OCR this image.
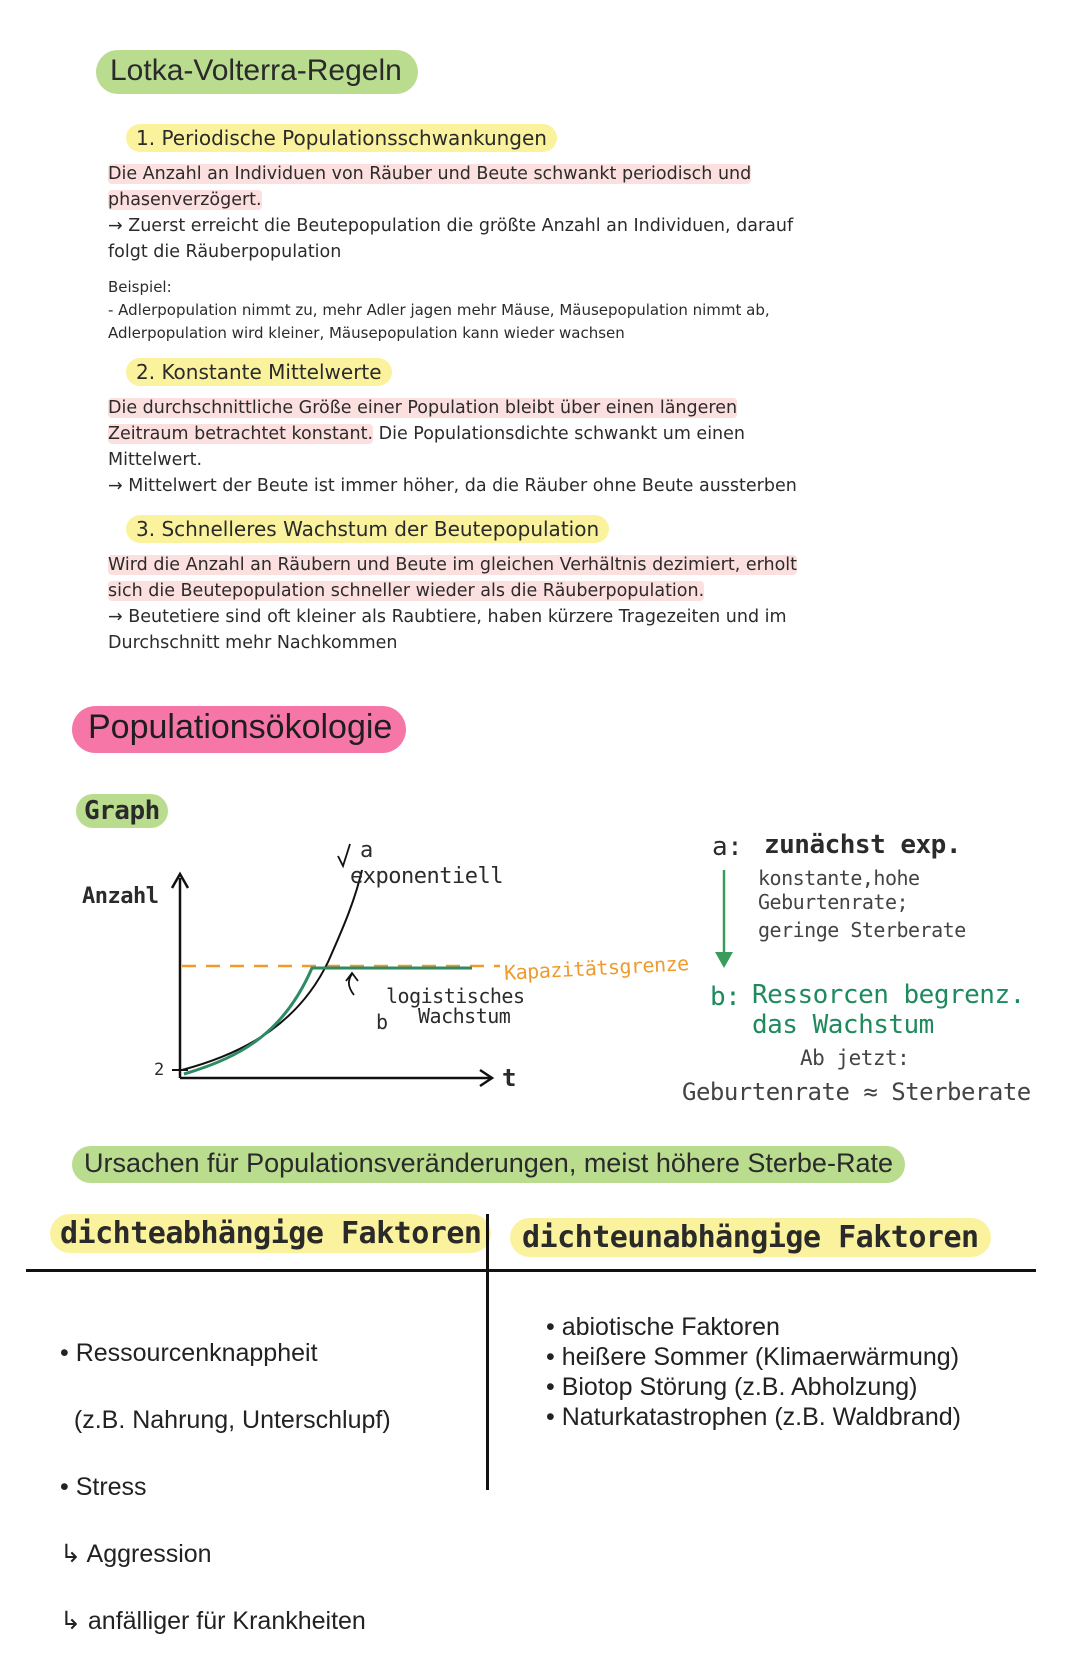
Lotka-Volterra-Regeln
1. Periodische Populationsschwankungen
Die Anzahl an Individuen von Räuber und Beute schwankt periodisch und
phasenverzögert.
→ Zuerst erreicht die Beutepopulation die größte Anzahl an Individuen, darauf folgt die Räuberpopulation
Beispiel:
- Adlerpopulation nimmt zu, mehr Adler jagen mehr Mäuse, Mäusepopulation nimmt ab, Adlerpopulation wird kleiner, Mäusepopulation kann wieder wachsen
2. Konstante Mittelwerte
Die durchschnittliche Größe einer Population bleibt über einen längeren
Zeitraum betrachtet konstant. Die Populationsdichte schwankt um einen Mittelwert.
→ Mittelwert der Beute ist immer höher, da die Räuber ohne Beute aussterben
3. Schnelleres Wachstum der Beutepopulation
Wird die Anzahl an Räubern und Beute im gleichen Verhältnis dezimiert, erholt
sich die Beutepopulation schneller wieder als die Räuberpopulation.
→ Beutetiere sind oft kleiner als Raubtiere, haben kürzere Tragezeiten und im Durchschnitt mehr Nachkommen
Populationsökologie
Graph
Anzahl
2	t
a
exponentiell
Kapazitätsgrenze
b
logistisches
Wachstum
a: zunächst exp.
konstante,hohe
Geburtenrate;
geringe Sterberate
b: Ressorcen begrenz.
das Wachstum
Ab jetzt:
Geburtenrate ≈ Sterberate
Ursachen für Populationsveränderungen, meist höhere Sterbe-Rate
dichteabhängige Faktoren	dichteunabhängige Faktoren

• Ressourcenknappheit

(z.B. Nahrung, Unterschlupf)

• Stress

↳ Aggression

↳ anfälliger für Krankheiten

• abiotische Faktoren
• heißere Sommer (Klimaerwärmung)
• Biotop Störung (z.B. Abholzung)
• Naturkatastrophen (z.B. Waldbrand)
